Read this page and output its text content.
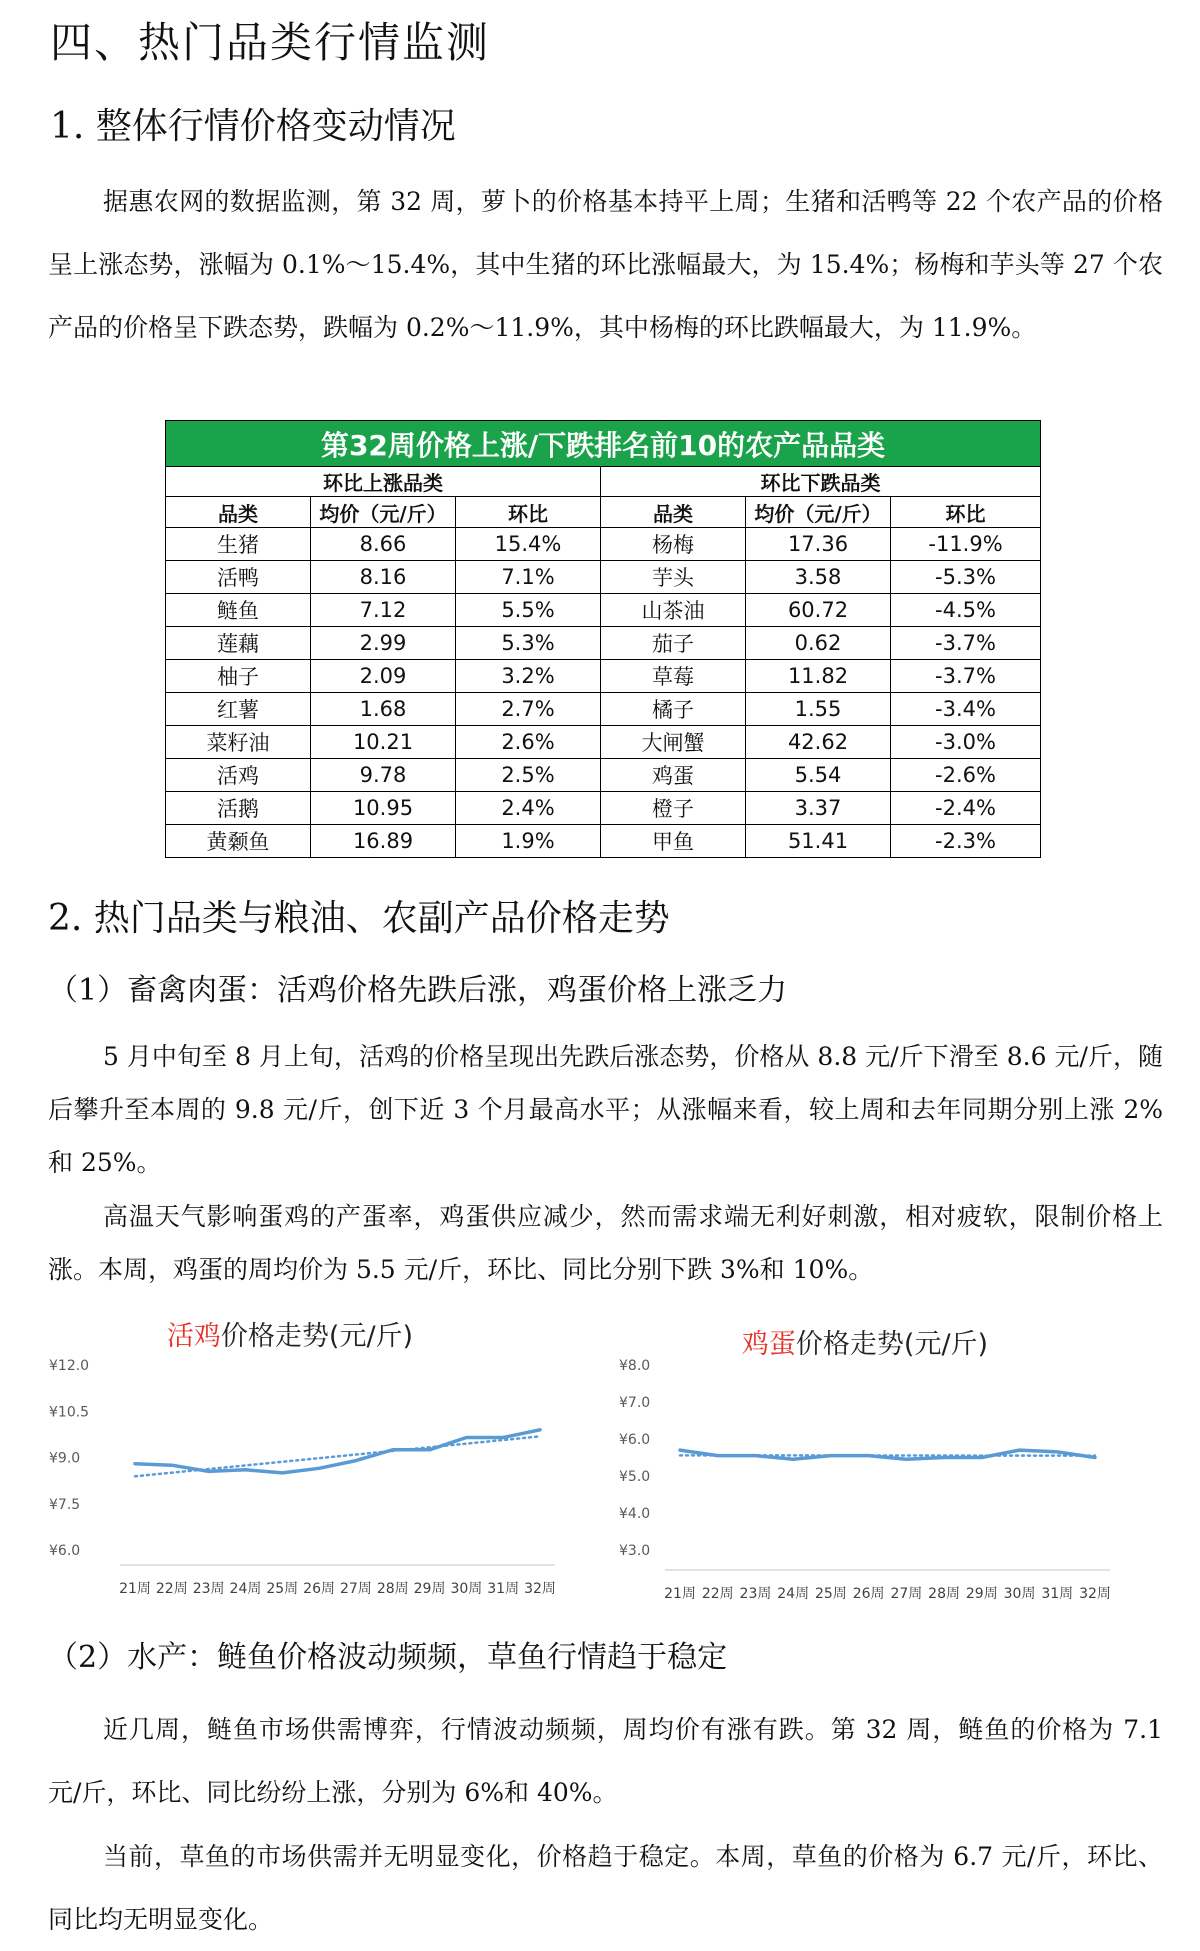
四、热门品类行情监测
1. 整体行情价格变动情况
据惠农网的数据监测，第 32 周，萝卜的价格基本持平上周；生猪和活鸭等 22 个农产品的价格呈上涨态势，涨幅为 0.1%～15.4%，其中生猪的环比涨幅最大，为 15.4%；杨梅和芋头等 27 个农产品的价格呈下跌态势，跌幅为 0.2%～11.9%，其中杨梅的环比跌幅最大，为 11.9%。
第32周价格上涨/下跌排名前10的农产品品类					
环比上涨品类			环比下跌品类		
品类	均价（元/斤）	环比	品类	均价（元/斤）	环比
生猪	8.66	15.4%	杨梅	17.36	-11.9%
活鸭	8.16	7.1%	芋头	3.58	-5.3%
鲢鱼	7.12	5.5%	山茶油	60.72	-4.5%
莲藕	2.99	5.3%	茄子	0.62	-3.7%
柚子	2.09	3.2%	草莓	11.82	-3.7%
红薯	1.68	2.7%	橘子	1.55	-3.4%
菜籽油	10.21	2.6%	大闸蟹	42.62	-3.0%
活鸡	9.78	2.5%	鸡蛋	5.54	-2.6%
活鹅	10.95	2.4%	橙子	3.37	-2.4%
黄颡鱼	16.89	1.9%	甲鱼	51.41	-2.3%
2. 热门品类与粮油、农副产品价格走势
（1）畜禽肉蛋：活鸡价格先跌后涨，鸡蛋价格上涨乏力
5 月中旬至 8 月上旬，活鸡的价格呈现出先跌后涨态势，价格从 8.8 元/斤下滑至 8.6 元/斤，随后攀升至本周的 9.8 元/斤，创下近 3 个月最高水平；从涨幅来看，较上周和去年同期分别上涨 2%和 25%。
高温天气影响蛋鸡的产蛋率，鸡蛋供应减少，然而需求端无利好刺激，相对疲软，限制价格上涨。本周，鸡蛋的周均价为 5.5 元/斤，环比、同比分别下跌 3%和 10%。
活鸡价格走势(元/斤)
¥12.0
¥10.5
¥9.0
¥7.5
¥6.0
21周 22周 23周 24周 25周 26周 27周 28周 29周 30周 31周 32周
鸡蛋价格走势(元/斤)
¥8.0
¥7.0
¥6.0
¥5.0
¥4.0
¥3.0
21周 22周 23周 24周 25周 26周 27周 28周 29周 30周 31周 32周
（2）水产：鲢鱼价格波动频频，草鱼行情趋于稳定
近几周，鲢鱼市场供需博弈，行情波动频频，周均价有涨有跌。第 32 周，鲢鱼的价格为 7.1 元/斤，环比、同比纷纷上涨，分别为 6%和 40%。
当前，草鱼的市场供需并无明显变化，价格趋于稳定。本周，草鱼的价格为 6.7 元/斤，环比、同比均无明显变化。
